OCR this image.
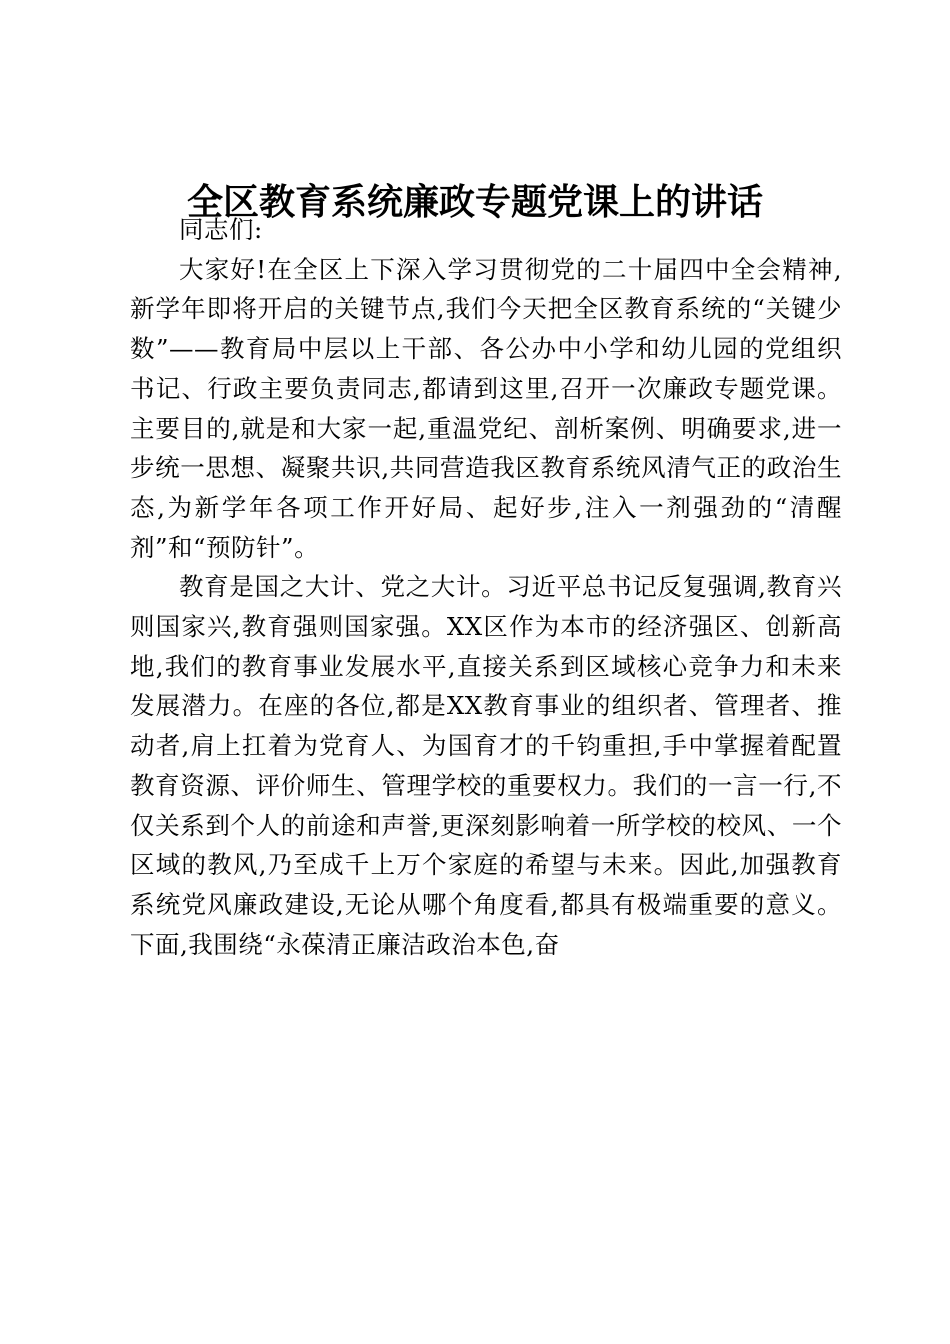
全区教育系统廉政专题党课上的讲话

同志们:

大家好!在全区上下深入学习贯彻党的二十届四中全会精神,新学年即将开启的关键节点,我们今天把全区教育系统的“关键少数”——教育局中层以上干部、各公办中小学和幼儿园的党组织书记、行政主要负责同志,都请到这里,召开一次廉政专题党课。主要目的,就是和大家一起,重温党纪、剖析案例、明确要求,进一步统一思想、凝聚共识,共同营造我区教育系统风清气正的政治生态,为新学年各项工作开好局、起好步,注入一剂强劲的“清醒剂”和“预防针”。

教育是国之大计、党之大计。习近平总书记反复强调,教育兴则国家兴,教育强则国家强。XX区作为本市的经济强区、创新高地,我们的教育事业发展水平,直接关系到区域核心竞争力和未来发展潜力。在座的各位,都是XX教育事业的组织者、管理者、推动者,肩上扛着为党育人、为国育才的千钧重担,手中掌握着配置教育资源、评价师生、管理学校的重要权力。我们的一言一行,不仅关系到个人的前途和声誉,更深刻影响着一所学校的校风、一个区域的教风,乃至成千上万个家庭的希望与未来。因此,加强教育系统党风廉政建设,无论从哪个角度看,都具有极端重要的意义。下面,我围绕“永葆清正廉洁政治本色,奋
